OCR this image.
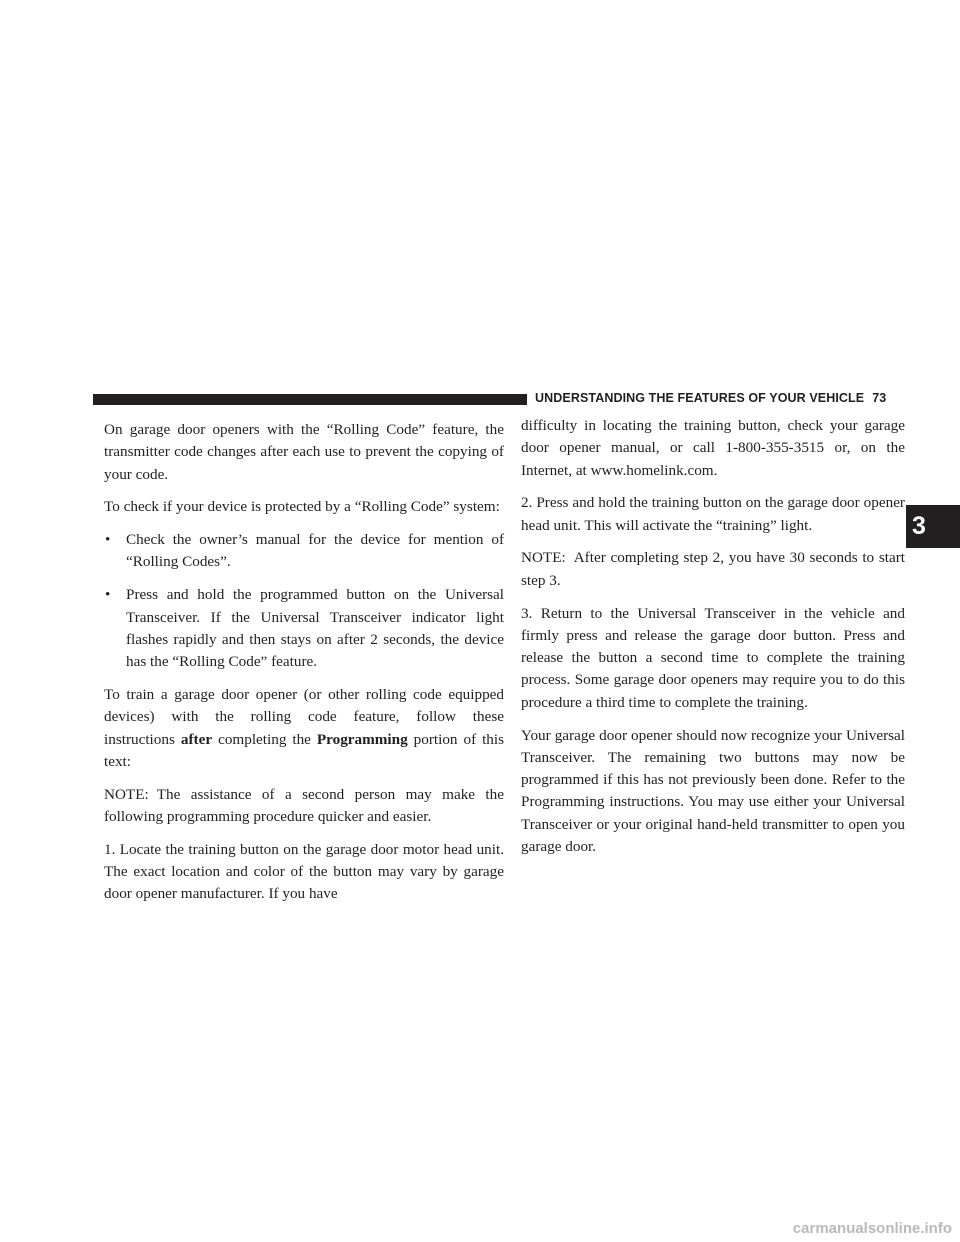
UNDERSTANDING THE FEATURES OF YOUR VEHICLE 73
3

On garage door openers with the “Rolling Code” feature, the transmitter code changes after each use to prevent the copying of your code.

To check if your device is protected by a “Rolling Code” system:

• Check the owner’s manual for the device for mention of “Rolling Codes”.
• Press and hold the programmed button on the Universal Transceiver. If the Universal Transceiver indicator light flashes rapidly and then stays on after 2 seconds, the device has the “Rolling Code” feature.

To train a garage door opener (or other rolling code equipped devices) with the rolling code feature, follow these instructions after completing the Programming portion of this text:

NOTE: The assistance of a second person may make the following programming procedure quicker and easier.

1. Locate the training button on the garage door motor head unit. The exact location and color of the button may vary by garage door opener manufacturer. If you have

difficulty in locating the training button, check your garage door opener manual, or call 1-800-355-3515 or, on the Internet, at www.homelink.com.

2. Press and hold the training button on the garage door opener head unit. This will activate the “training” light.

NOTE: After completing step 2, you have 30 seconds to start step 3.

3. Return to the Universal Transceiver in the vehicle and firmly press and release the garage door button. Press and release the button a second time to complete the training process. Some garage door openers may require you to do this procedure a third time to complete the training.

Your garage door opener should now recognize your Universal Transceiver. The remaining two buttons may now be programmed if this has not previously been done. Refer to the Programming instructions. You may use either your Universal Transceiver or your original hand-held transmitter to open you garage door.

carmanualsonline.info
